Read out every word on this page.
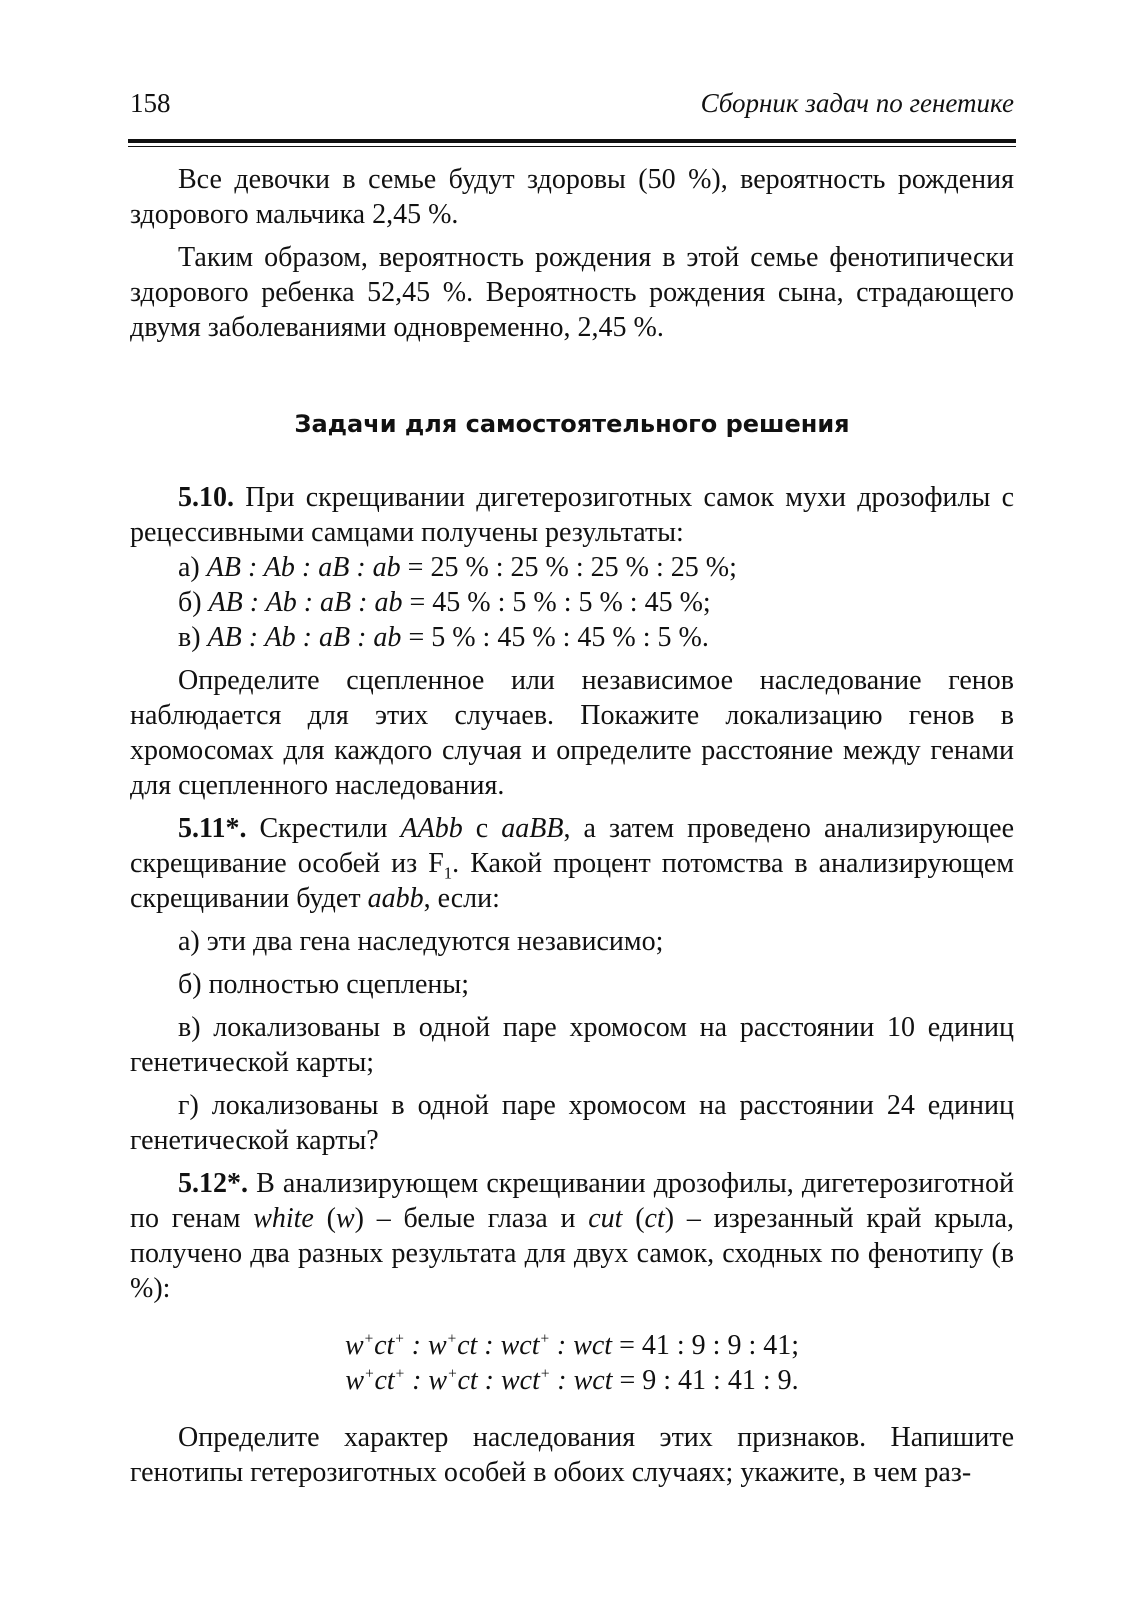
158	Сборник задач по генетике

Все девочки в семье будут здоровы (50 %), вероятность рождения здорового мальчика 2,45 %.

Таким образом, вероятность рождения в этой семье фенотипически здорового ребенка 52,45 %. Вероятность рождения сына, страдающего двумя заболеваниями одновременно, 2,45 %.

Задачи для самостоятельного решения

5.10. При скрещивании дигетерозиготных самок мухи дрозофилы с рецессивными самцами получены результаты:

а) AB : Ab : aB : ab = 25 % : 25 % : 25 % : 25 %;

б) AB : Ab : aB : ab = 45 % : 5 % : 5 % : 45 %;

в) AB : Ab : aB : ab = 5 % : 45 % : 45 % : 5 %.

Определите сцепленное или независимое наследование генов наблюдается для этих случаев. Покажите локализацию генов в хромосомах для каждого случая и определите расстояние между генами для сцепленного наследования.

5.11*. Скрестили AAbb с aaBB, а затем проведено анализирующее скрещивание особей из $F_1$. Какой процент потомства в анализирующем скрещивании будет aabb, если:

а) эти два гена наследуются независимо;

б) полностью сцеплены;

в) локализованы в одной паре хромосом на расстоянии 10 единиц генетической карты;

г) локализованы в одной паре хромосом на расстоянии 24 единиц генетической карты?

5.12*. В анализирующем скрещивании дрозофилы, дигетерозиготной по генам white (w) – белые глаза и cut (ct) – изрезанный край крыла, получено два разных результата для двух самок, сходных по фенотипу (в %):

w+ct+ : w+ct : wct+ : wct = 41 : 9 : 9 : 41;

w+ct+ : w+ct : wct+ : wct = 9 : 41 : 41 : 9.

Определите характер наследования этих признаков. Напишите генотипы гетерозиготных особей в обоих случаях; укажите, в чем раз-
